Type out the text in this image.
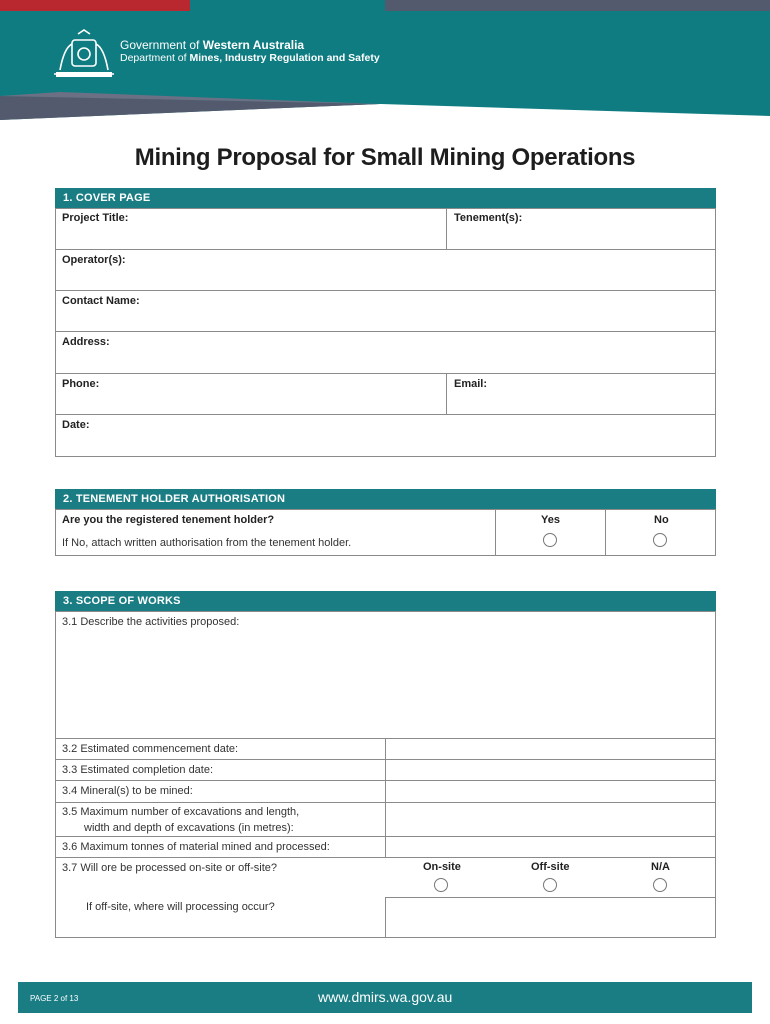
Government of Western Australia
Department of Mines, Industry Regulation and Safety
Mining Proposal for Small Mining Operations
1. COVER PAGE
Project Title:	Tenement(s):
Operator(s):
Contact Name:
Address:
Phone:	Email:
Date:
2. TENEMENT HOLDER AUTHORISATION
Are you the registered tenement holder?
If No, attach written authorisation from the tenement holder.
Yes	No
3. SCOPE OF WORKS
3.1 Describe the activities proposed:
3.2 Estimated commencement date:
3.3 Estimated completion date:
3.4 Mineral(s) to be mined:
3.5 Maximum number of excavations and length,
width and depth of excavations (in metres):
3.6 Maximum tonnes of material mined and processed:
3.7 Will ore be processed on-site or off-site?	On-site	Off-site	N/A
If off-site, where will processing occur?
PAGE 2 of 13	www.dmirs.wa.gov.au
